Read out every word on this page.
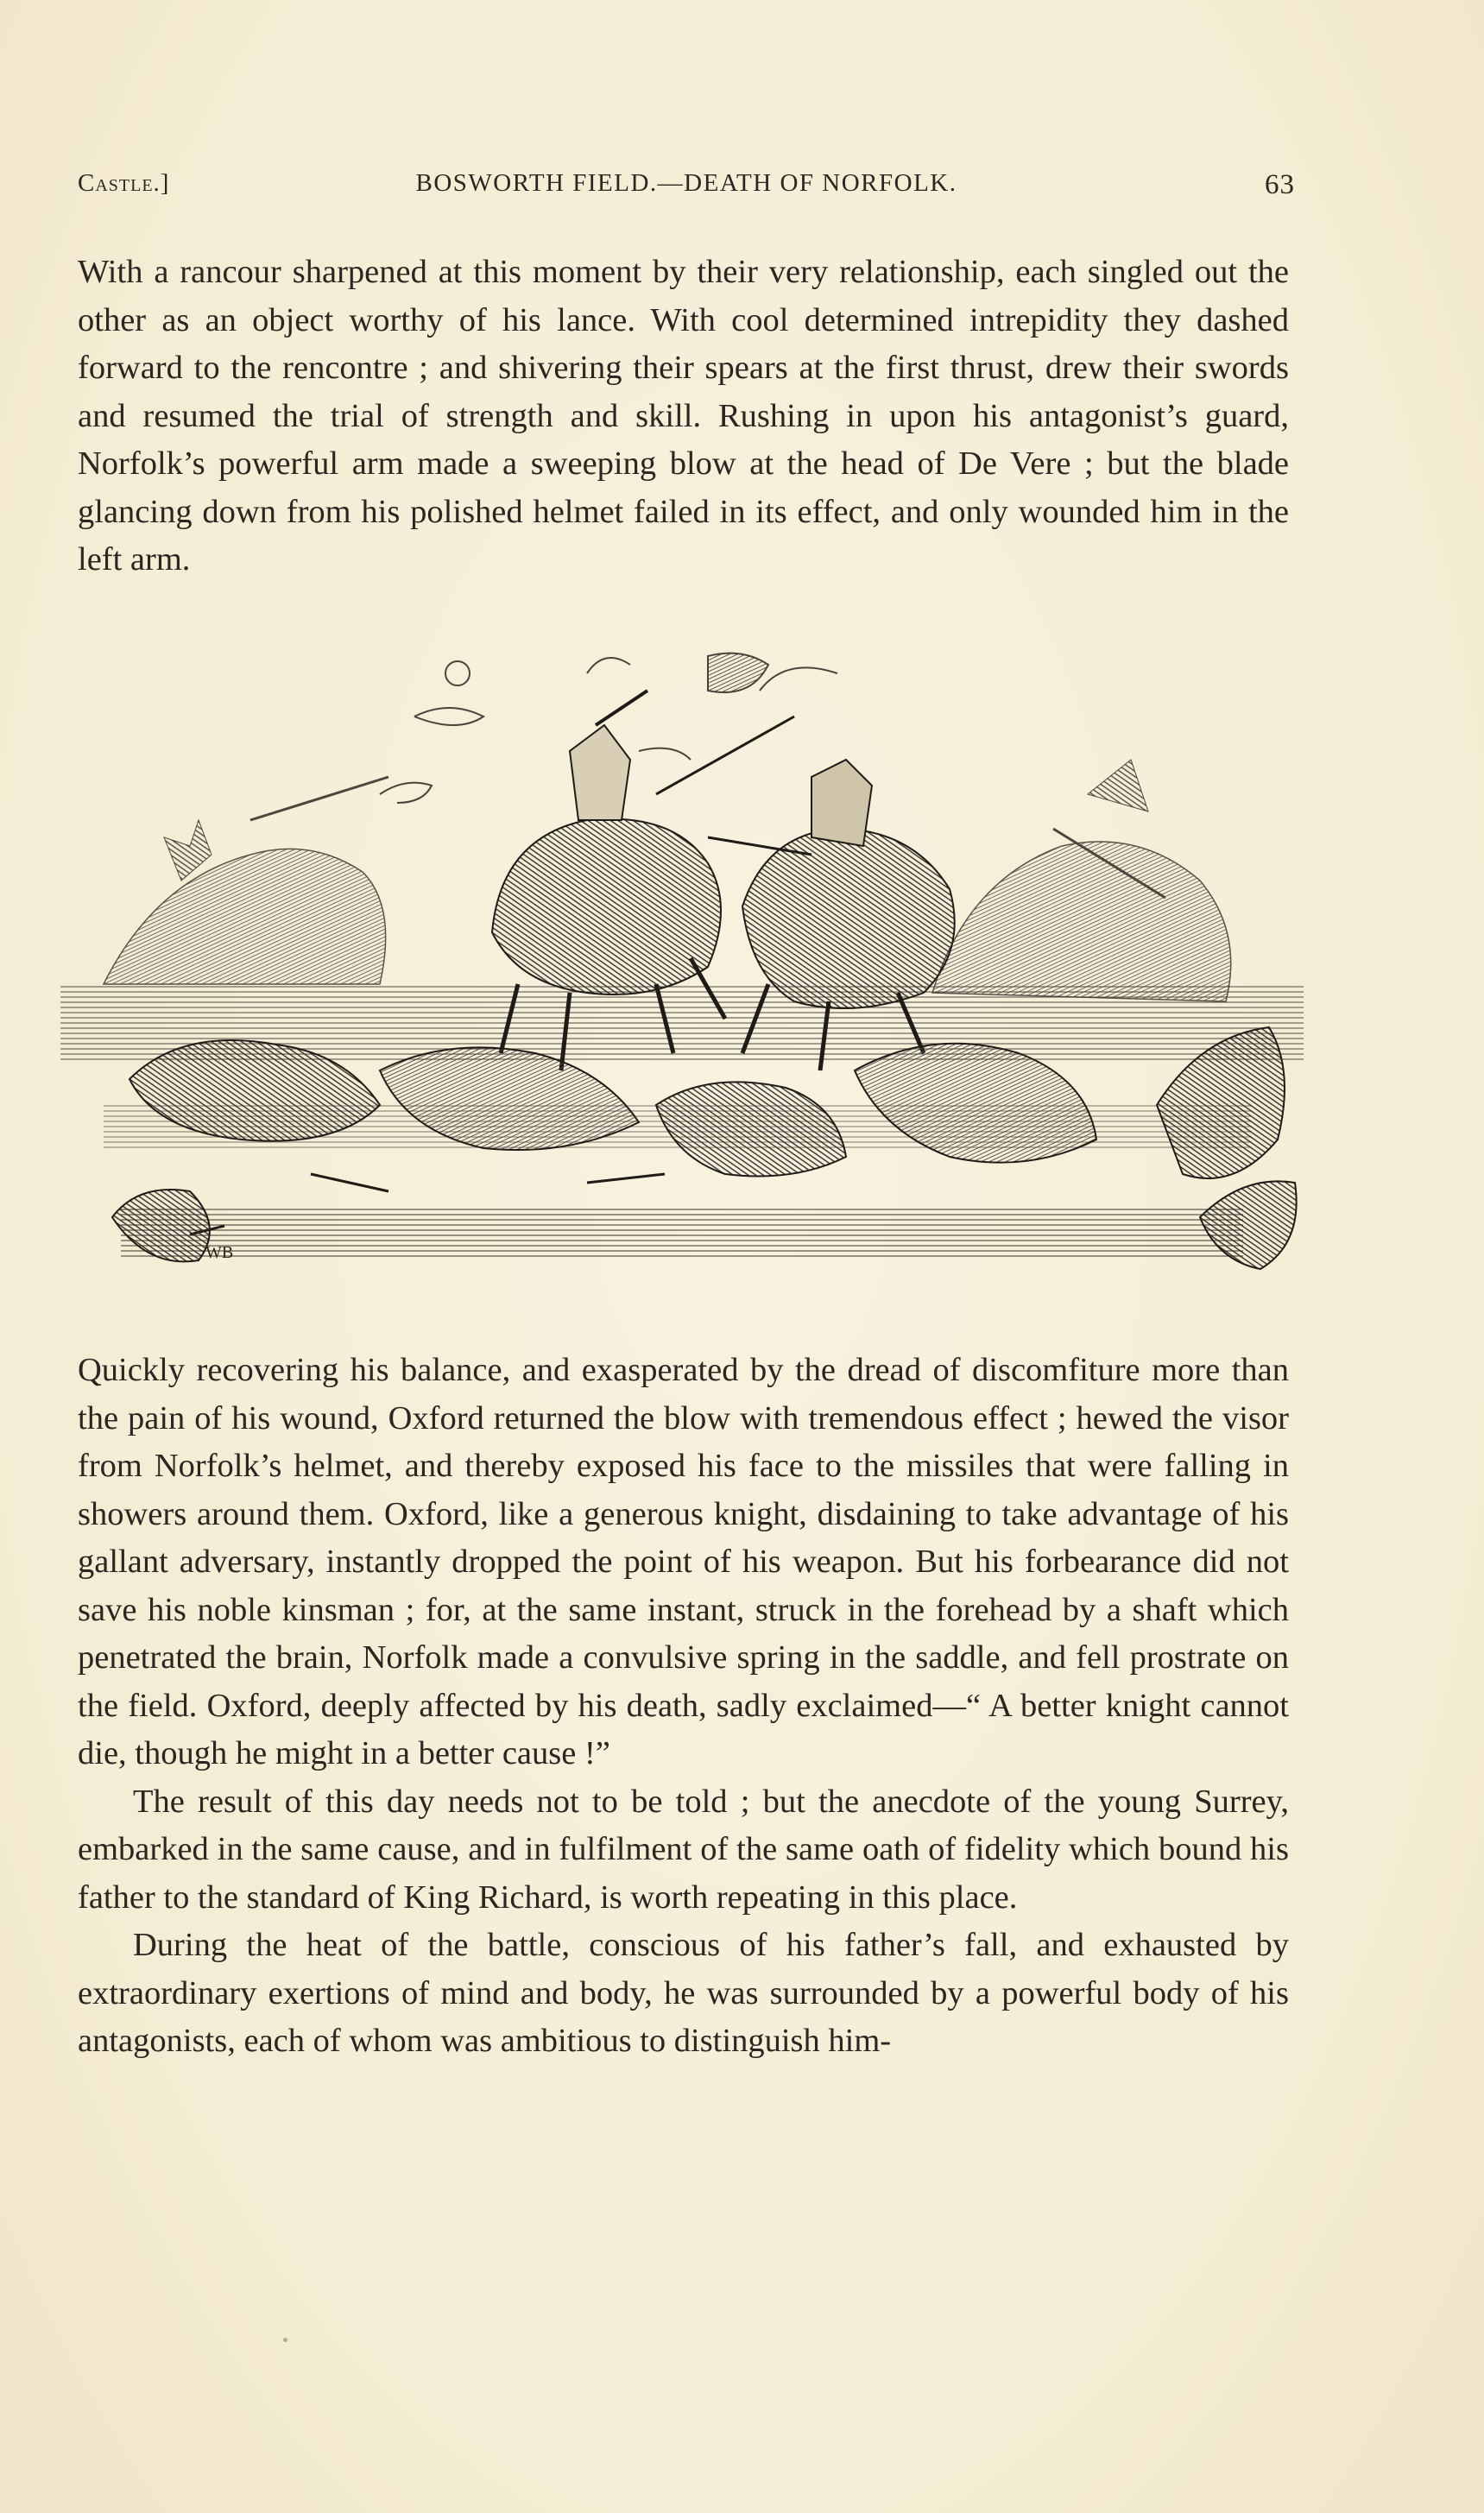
Castle.]	BOSWORTH FIELD.—DEATH OF NORFOLK.	63

With a rancour sharpened at this moment by their very relationship, each singled out the other as an object worthy of his lance. With cool determined intrepidity they dashed forward to the rencontre ; and shivering their spears at the first thrust, drew their swords and resumed the trial of strength and skill. Rushing in upon his antagonist’s guard, Norfolk’s powerful arm made a sweeping blow at the head of De Vere ; but the blade glancing down from his polished helmet failed in its effect, and only wounded him in the left arm.

WB

Quickly recovering his balance, and exasperated by the dread of discomfiture more than the pain of his wound, Oxford returned the blow with tremendous effect ; hewed the visor from Norfolk’s helmet, and thereby exposed his face to the missiles that were falling in showers around them. Oxford, like a generous knight, disdaining to take advantage of his gallant adversary, instantly dropped the point of his weapon. But his forbearance did not save his noble kinsman ; for, at the same instant, struck in the forehead by a shaft which penetrated the brain, Norfolk made a convulsive spring in the saddle, and fell prostrate on the field. Oxford, deeply affected by his death, sadly exclaimed—“ A better knight cannot die, though he might in a better cause !”

The result of this day needs not to be told ; but the anecdote of the young Surrey, embarked in the same cause, and in fulfilment of the same oath of fidelity which bound his father to the standard of King Richard, is worth repeating in this place.

During the heat of the battle, conscious of his father’s fall, and exhausted by extraordinary exertions of mind and body, he was surrounded by a powerful body of his antagonists, each of whom was ambitious to distinguish him-
